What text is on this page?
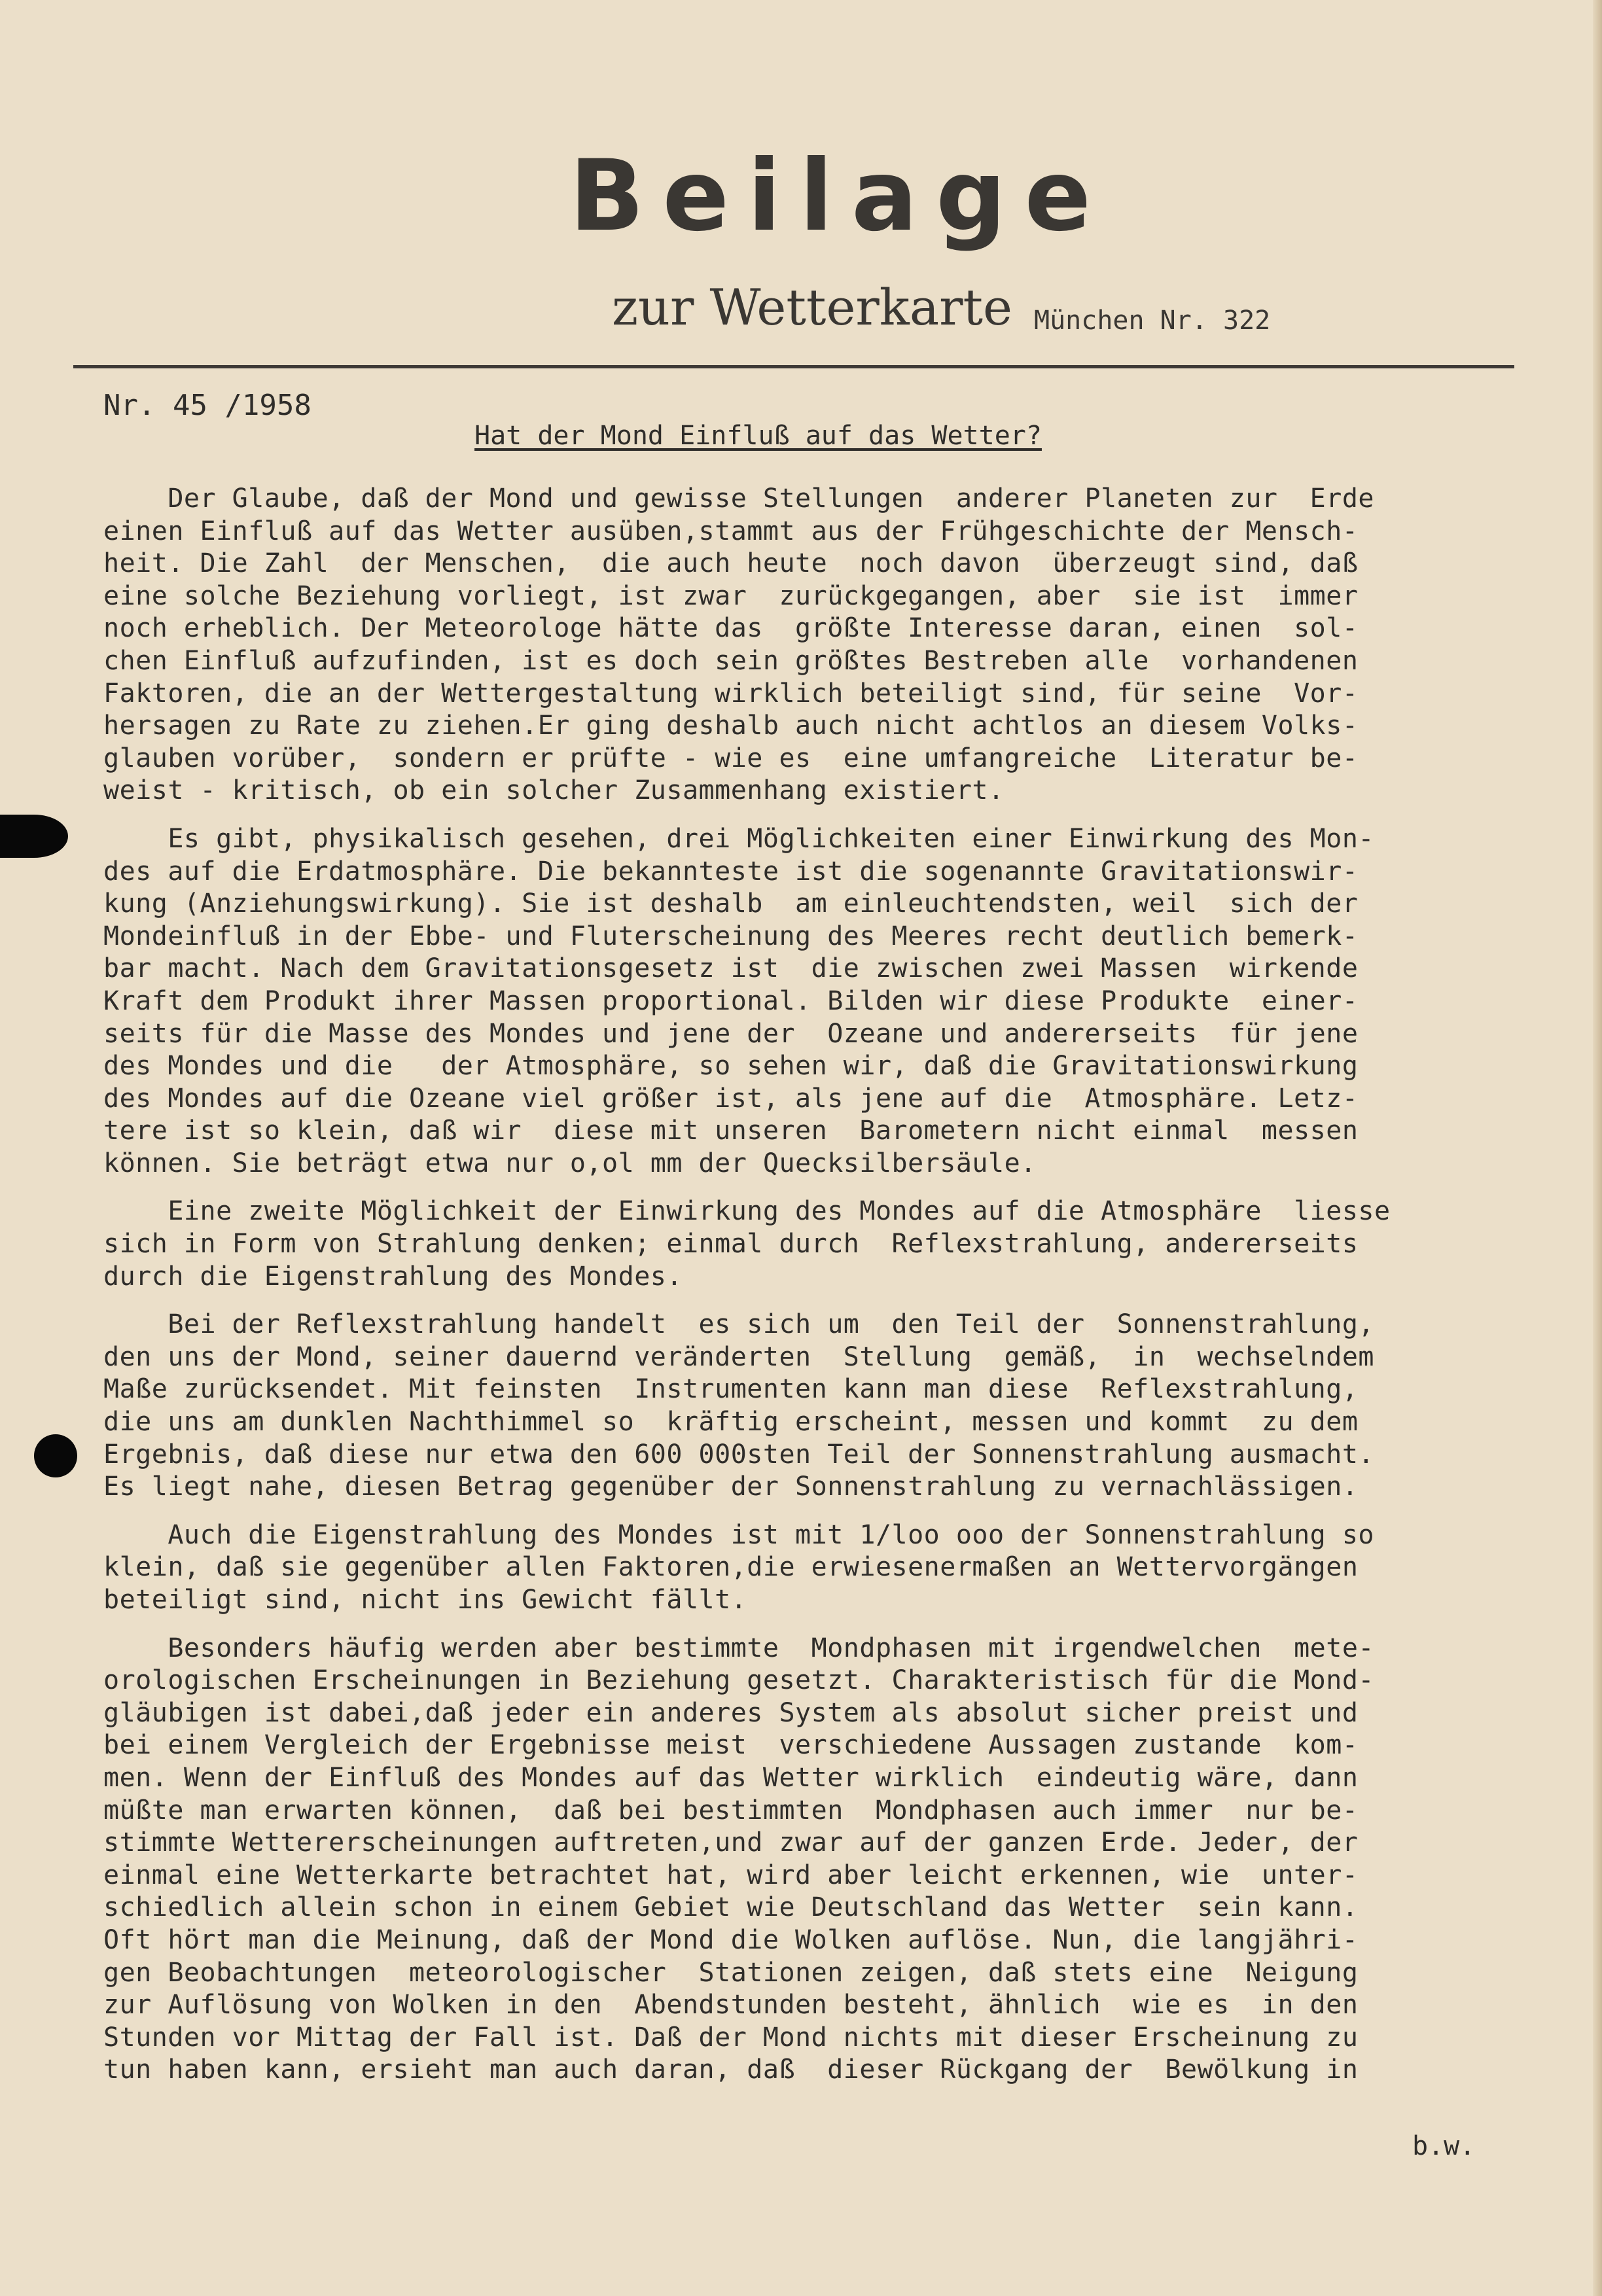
Beilage
zur Wetterkarte München Nr. 322
Nr. 45 /1958
Hat der Mond Einfluß auf das Wetter?
Der Glaube, daß der Mond und gewisse Stellungen  anderer Planeten zur  Erde
einen Einfluß auf das Wetter ausüben,stammt aus der Frühgeschichte der Mensch-
heit. Die Zahl  der Menschen,  die auch heute  noch davon  überzeugt sind, daß
eine solche Beziehung vorliegt, ist zwar  zurückgegangen, aber  sie ist  immer
noch erheblich. Der Meteorologe hätte das  größte Interesse daran, einen  sol-
chen Einfluß aufzufinden, ist es doch sein größtes Bestreben alle  vorhandenen
Faktoren, die an der Wettergestaltung wirklich beteiligt sind, für seine  Vor-
hersagen zu Rate zu ziehen.Er ging deshalb auch nicht achtlos an diesem Volks-
glauben vorüber,  sondern er prüfte - wie es  eine umfangreiche  Literatur be-
weist - kritisch, ob ein solcher Zusammenhang existiert.
Es gibt, physikalisch gesehen, drei Möglichkeiten einer Einwirkung des Mon-
des auf die Erdatmosphäre. Die bekannteste ist die sogenannte Gravitationswir-
kung (Anziehungswirkung). Sie ist deshalb  am einleuchtendsten, weil  sich der
Mondeinfluß in der Ebbe- und Fluterscheinung des Meeres recht deutlich bemerk-
bar macht. Nach dem Gravitationsgesetz ist  die zwischen zwei Massen  wirkende
Kraft dem Produkt ihrer Massen proportional. Bilden wir diese Produkte  einer-
seits für die Masse des Mondes und jene der  Ozeane und andererseits  für jene
des Mondes und die   der Atmosphäre, so sehen wir, daß die Gravitationswirkung
des Mondes auf die Ozeane viel größer ist, als jene auf die  Atmosphäre. Letz-
tere ist so klein, daß wir  diese mit unseren  Barometern nicht einmal  messen
können. Sie beträgt etwa nur o,ol mm der Quecksilbersäule.
Eine zweite Möglichkeit der Einwirkung des Mondes auf die Atmosphäre  liesse
sich in Form von Strahlung denken; einmal durch  Reflexstrahlung, andererseits
durch die Eigenstrahlung des Mondes.
Bei der Reflexstrahlung handelt  es sich um  den Teil der  Sonnenstrahlung,
den uns der Mond, seiner dauernd veränderten  Stellung  gemäß,  in  wechselndem
Maße zurücksendet. Mit feinsten  Instrumenten kann man diese  Reflexstrahlung,
die uns am dunklen Nachthimmel so  kräftig erscheint, messen und kommt  zu dem
Ergebnis, daß diese nur etwa den 600 000sten Teil der Sonnenstrahlung ausmacht.
Es liegt nahe, diesen Betrag gegenüber der Sonnenstrahlung zu vernachlässigen.
Auch die Eigenstrahlung des Mondes ist mit 1/loo ooo der Sonnenstrahlung so
klein, daß sie gegenüber allen Faktoren,die erwiesenermaßen an Wettervorgängen
beteiligt sind, nicht ins Gewicht fällt.
Besonders häufig werden aber bestimmte  Mondphasen mit irgendwelchen  mete-
orologischen Erscheinungen in Beziehung gesetzt. Charakteristisch für die Mond-
gläubigen ist dabei,daß jeder ein anderes System als absolut sicher preist und
bei einem Vergleich der Ergebnisse meist  verschiedene Aussagen zustande  kom-
men. Wenn der Einfluß des Mondes auf das Wetter wirklich  eindeutig wäre, dann
müßte man erwarten können,  daß bei bestimmten  Mondphasen auch immer  nur be-
stimmte Wettererscheinungen auftreten,und zwar auf der ganzen Erde. Jeder, der
einmal eine Wetterkarte betrachtet hat, wird aber leicht erkennen, wie  unter-
schiedlich allein schon in einem Gebiet wie Deutschland das Wetter  sein kann.
Oft hört man die Meinung, daß der Mond die Wolken auflöse. Nun, die langjähri-
gen Beobachtungen  meteorologischer  Stationen zeigen, daß stets eine  Neigung
zur Auflösung von Wolken in den  Abendstunden besteht, ähnlich  wie es  in den
Stunden vor Mittag der Fall ist. Daß der Mond nichts mit dieser Erscheinung zu
tun haben kann, ersieht man auch daran, daß  dieser Rückgang der  Bewölkung in
b.w.
